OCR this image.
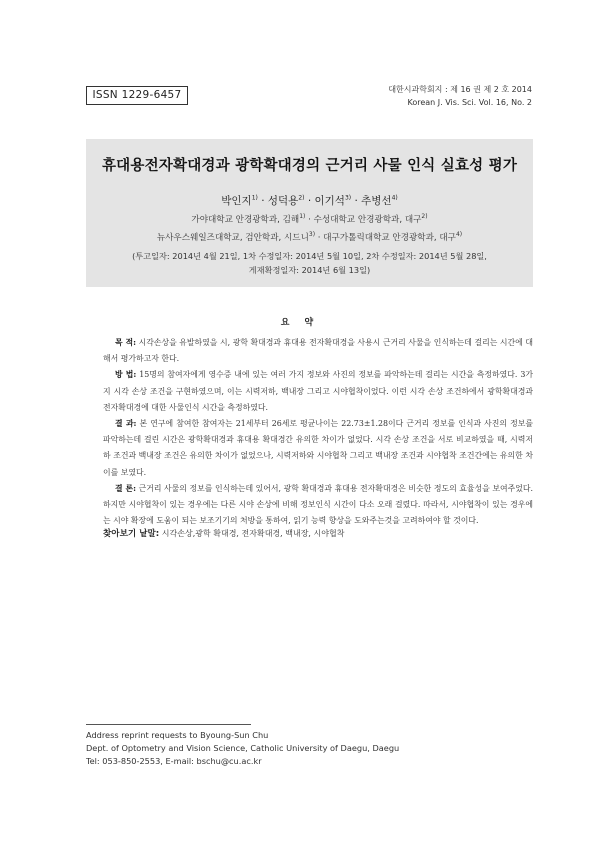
ISSN 1229-6457	대한시과학회지 : 제 16 권 제 2 호 2014
Korean J. Vis. Sci. Vol. 16, No. 2
휴대용전자확대경과 광학확대경의 근거리 사물 인식 실효성 평가
박인지$^{1)}$ · 성덕용$^{2)}$ · 이기석$^{3)}$ · 추병선$^{4)}$
가야대학교 안경광학과, 김해$^{1)}$ · 수성대학교 안경광학과, 대구$^{2)}$
뉴사우스웨일즈대학교, 검안학과, 시드니$^{3)}$ · 대구가톨릭대학교 안경광학과, 대구$^{4)}$
(투고일자: 2014년 4월 21일, 1차 수정일자: 2014년 5월 10일, 2차 수정일자: 2014년 5월 28일,
게재확정일자: 2014년 6월 13일)
요 약

목 적: 시각손상을 유발하였을 시, 광학 확대경과 휴대용 전자확대경을 사용시 근거리 사물을 인식하는데 걸리는 시간에 대해서 평가하고자 한다.

방 법: 15명의 참여자에게 영수증 내에 있는 여러 가지 정보와 사진의 정보를 파악하는데 걸리는 시간을 측정하였다. 3가지 시각 손상 조건을 구현하였으며, 이는 시력저하, 백내장 그리고 시야협착이었다. 이런 시각 손상 조건하에서 광학확대경과 전자확대경에 대한 사물인식 시간을 측정하였다.

결 과: 본 연구에 참여한 참여자는 21세부터 26세로 평균나이는 22.73±1.28이다 근거리 정보를 인식과 사진의 정보를 파악하는데 걸린 시간은 광학확대경과 휴대용 확대경간 유의한 차이가 없었다. 시각 손상 조건을 서로 비교하였을 때, 시력저하 조건과 백내장 조건은 유의한 차이가 없었으나, 시력저하와 시야협착 그리고 백내장 조건과 시야협착 조건간에는 유의한 차이를 보였다.

결 론: 근거리 사물의 정보를 인식하는데 있어서, 광학 확대경과 휴대용 전자확대경은 비슷한 정도의 효율성을 보여주었다. 하지만 시야협착이 있는 경우에는 다른 시야 손상에 비해 정보인식 시간이 다소 오래 걸렸다. 따라서, 시야협착이 있는 경우에는 시야 확장에 도움이 되는 보조기기의 처방을 통하여, 읽기 능력 향상을 도와주는것을 고려하여야 할 것이다.

찾아보기 낱말: 시각손상,광학 확대경, 전자확대경, 백내장, 시야협착
Address reprint requests to Byoung-Sun Chu
Dept. of Optometry and Vision Science, Catholic University of Daegu, Daegu
Tel: 053-850-2553, E-mail: bschu@cu.ac.kr
